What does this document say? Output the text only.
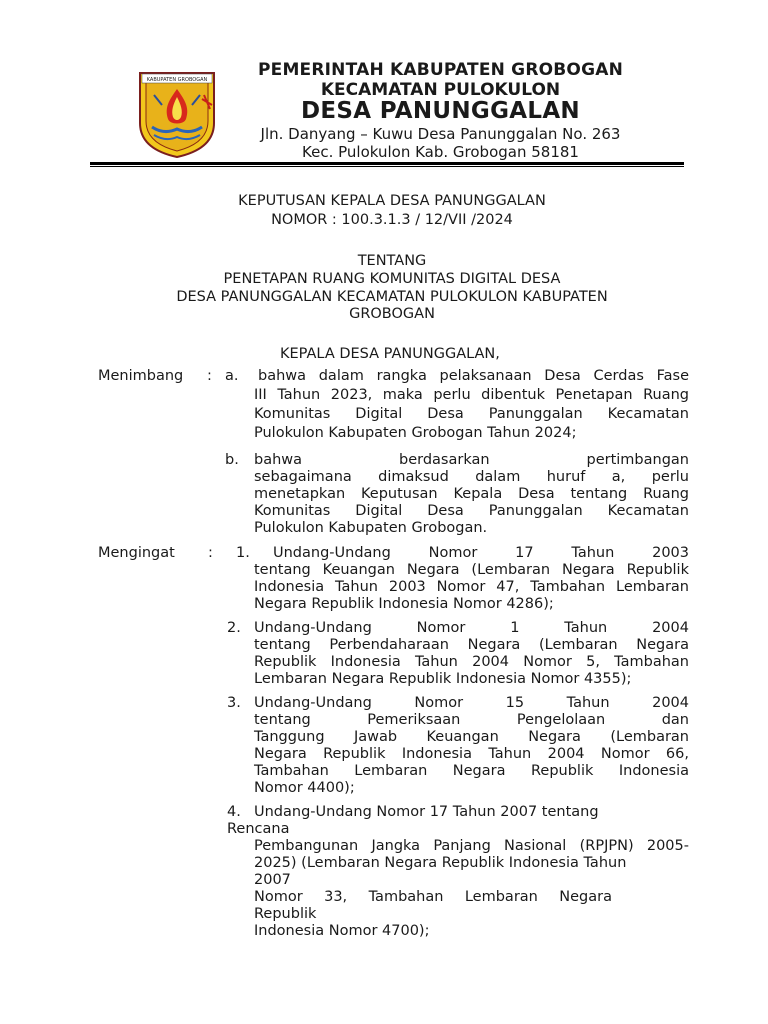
KABUPATEN GROBOGAN	PEMERINTAH KABUPATEN GROBOGAN
KECAMATAN PULOKULON
DESA PANUNGGALAN
Jln. Danyang – Kuwu Desa Panunggalan No. 263
Kec. Pulokulon Kab. Grobogan 58181
KEPUTUSAN KEPALA DESA PANUNGGALAN
NOMOR : 100.3.1.3 / 12/VII /2024
TENTANG
PENETAPAN RUANG KOMUNITAS DIGITAL DESA
DESA PANUNGGALAN KECAMATAN PULOKULON KABUPATEN
GROBOGAN
KEPALA DESA PANUNGGALAN,
Menimbang : a. bahwa dalam rangka pelaksanaan Desa Cerdas Fase
III Tahun 2023, maka perlu dibentuk Penetapan Ruang
Komunitas Digital Desa Panunggalan Kecamatan
Pulokulon Kabupaten Grobogan Tahun 2024;
b. bahwa berdasarkan pertimbangan
sebagaimana dimaksud dalam huruf a, perlu
menetapkan Keputusan Kepala Desa tentang Ruang
Komunitas Digital Desa Panunggalan Kecamatan
Pulokulon Kabupaten Grobogan.
Mengingat : 1. Undang-Undang Nomor 17 Tahun 2003
tentang Keuangan Negara (Lembaran Negara Republik
Indonesia Tahun 2003 Nomor 47, Tambahan Lembaran
Negara Republik Indonesia Nomor 4286);
2. Undang-Undang Nomor 1 Tahun 2004
tentang Perbendaharaan Negara (Lembaran Negara
Republik Indonesia Tahun 2004 Nomor 5, Tambahan
Lembaran Negara Republik Indonesia Nomor 4355);
3. Undang-Undang Nomor 15 Tahun 2004
tentang Pemeriksaan Pengelolaan dan
Tanggung Jawab Keuangan Negara (Lembaran
Negara Republik Indonesia Tahun 2004 Nomor 66,
Tambahan Lembaran Negara Republik Indonesia
Nomor 4400);
4. Undang-Undang Nomor 17 Tahun 2007 tentang
Rencana
Pembangunan Jangka Panjang Nasional (RPJPN) 2005-
2025) (Lembaran Negara Republik Indonesia Tahun
2007
Nomor 33, Tambahan Lembaran Negara
Republik
Indonesia Nomor 4700);
